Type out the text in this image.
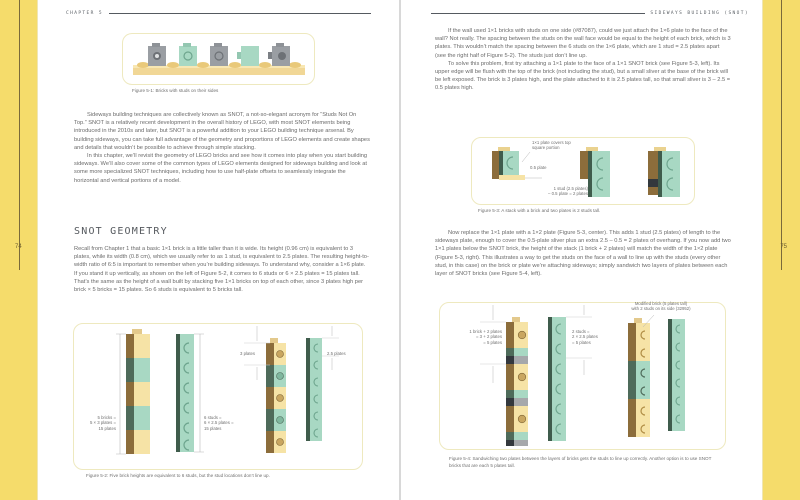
74
CHAPTER 5
Figure 5-1: Bricks with studs on their sides

Sideways building techniques are collectively known as SNOT, a not-so-elegant acronym for “Studs Not On Top.” SNOT is a relatively recent development in the overall history of LEGO, with most SNOT elements being introduced in the 2010s and later, but SNOT is a powerful addition to your LEGO building technique arsenal. By building sideways, you can take full advantage of the geometry and proportions of LEGO elements and create shapes and details that wouldn’t be possible to achieve through simple stacking.

In this chapter, we’ll revisit the geometry of LEGO bricks and see how it comes into play when you start building sideways. We’ll also cover some of the common types of LEGO elements designed for sideways building and look at some more specialized SNOT techniques, including how to use half-plate offsets to seamlessly integrate the horizontal and vertical portions of a model.

SNOT GEOMETRY

Recall from Chapter 1 that a basic 1×1 brick is a little taller than it is wide. Its height (0.96 cm) is equivalent to 3 plates, while its width (0.8 cm), which we usually refer to as 1 stud, is equivalent to 2.5 plates. The resulting height-to-width ratio of 6:5 is important to remember when you’re building sideways. To understand why, consider a 1×6 plate. If you stand it up vertically, as shown on the left of Figure 5-2, it comes to 6 studs or 6 × 2.5 plates = 15 plates tall. That’s the same as the height of a wall built by stacking five 1×1 bricks on top of each other, since 3 plates high per brick × 5 bricks = 15 plates. So 6 studs is equivalent to 5 bricks tall.

5 bricks =
5 × 3 plates =
15 plates
6 studs =
6 × 2.5 plates =
15 plates
3 plates	2.5 plates
Figure 5-2: Five brick heights are equivalent to 6 studs, but the stud locations don’t line up.
75
SIDEWAYS BUILDING (SNOT)

If the wall used 1×1 bricks with studs on one side (#87087), could we just attach the 1×6 plate to the face of the wall? Not really. The spacing between the studs on the wall face would be equal to the height of each brick, which is 3 plates. This wouldn’t match the spacing between the 6 studs on the 1×6 plate, which are 1 stud = 2.5 plates apart (see the right half of Figure 5-2). The studs just don’t line up.

To solve this problem, first try attaching a 1×1 plate to the face of a 1×1 SNOT brick (see Figure 5-3, left). Its upper edge will be flush with the top of the brick (not including the stud), but a small sliver at the base of the brick will be left exposed. The brick is 3 plates high, and the plate attached to it is 2.5 plates tall, so that small sliver is 3 – 2.5 = 0.5 plates high.

1×1 plate covers top
square portion
0.5 plate
1 stud (2.5 plates)
– 0.5 plate = 2 plates
Figure 5-3: A stack with a brick and two plates is 2 studs tall.

Now replace the 1×1 plate with a 1×2 plate (Figure 5-3, center). This adds 1 stud (2.5 plates) of length to the sideways plate, enough to cover the 0.5-plate sliver plus an extra 2.5 – 0.5 = 2 plates of overhang. If you now add two 1×1 plates below the SNOT brick, the height of the stack (1 brick + 2 plates) will match the width of the 1×2 plate (Figure 5-3, right). This illustrates a way to get the studs on the face of a wall to line up with the studs (every other stud, in this case) on the brick or plate we’re attaching sideways; simply sandwich two layers of plates between each layer of SNOT bricks (see Figure 5-4, left).

1 brick + 2 plates
= 3 + 2 plates
= 5 plates
2 studs =
2 × 2.5 plates
= 5 plates
Modified brick (5 plates tall)
with 2 studs on its side (32952)
Figure 5-4: Sandwiching two plates between the layers of bricks gets the studs to line up correctly. Another option is to use SNOT bricks that are each 5 plates tall.
